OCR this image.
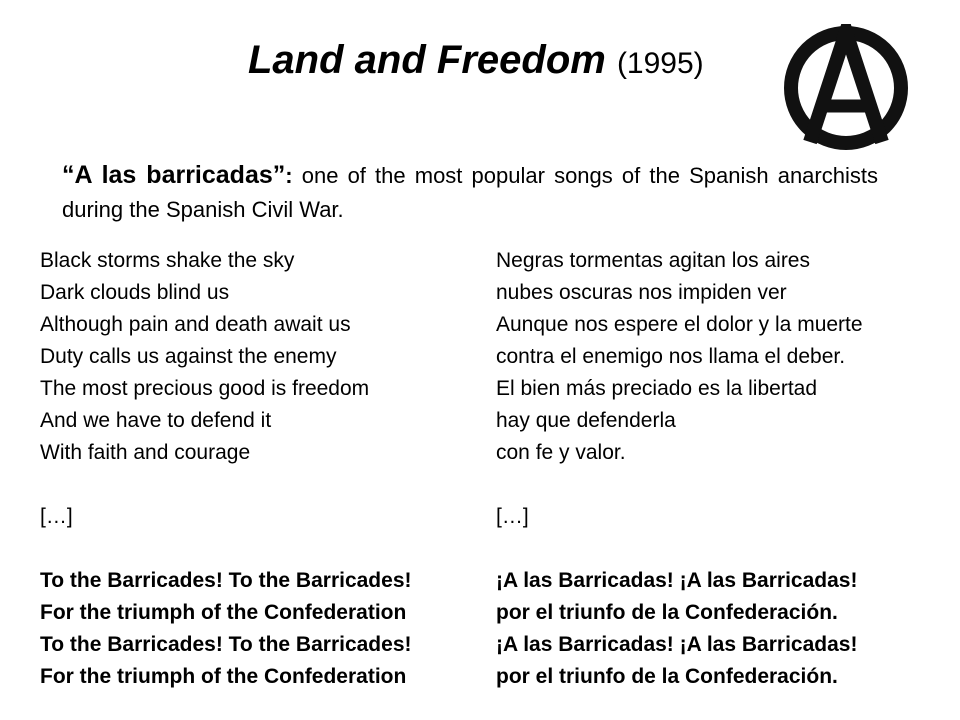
Land and Freedom (1995)
“A las barricadas”: one of the most popular songs of the Spanish anarchists during the Spanish Civil War.
Black storms shake the sky
Dark clouds blind us
Although pain and death await us
Duty calls us against the enemy
The most precious good is freedom
And we have to defend it
With faith and courage
[…]
To the Barricades! To the Barricades!
For the triumph of the Confederation
To the Barricades! To the Barricades!
For the triumph of the Confederation
Negras tormentas agitan los aires
nubes oscuras nos impiden ver
Aunque nos espere el dolor y la muerte
contra el enemigo nos llama el deber.
El bien más preciado es la libertad
hay que defenderla
con fe y valor.
[…]
¡A las Barricadas! ¡A las Barricadas!
por el triunfo de la Confederación.
¡A las Barricadas! ¡A las Barricadas!
por el triunfo de la Confederación.
